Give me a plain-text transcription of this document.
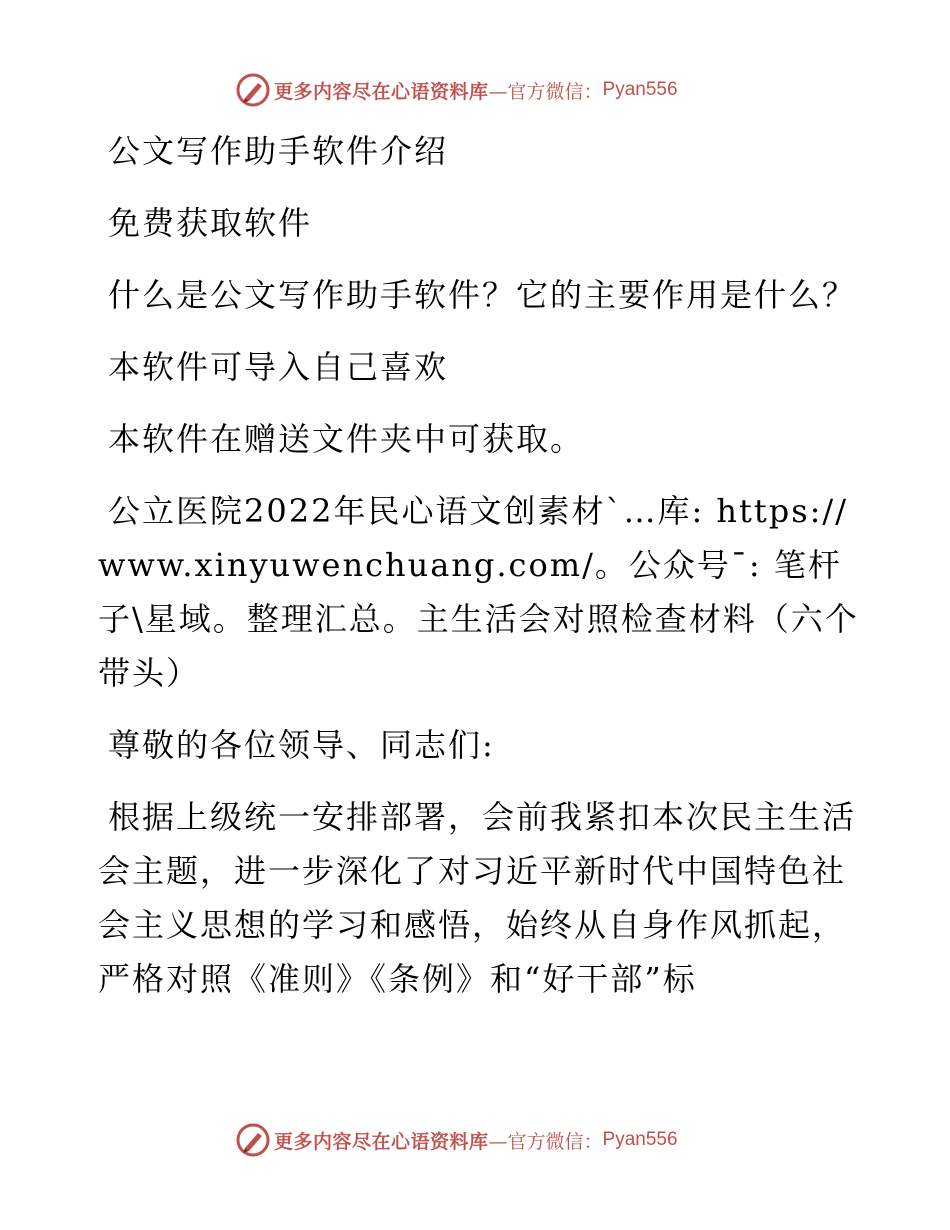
更多内容尽在心语资料库 —官方微信： Pyan556

公文写作助手软件介绍

免费获取软件

什么是公文写作助手软件？它的主要作用是什么？

本软件可导入自己喜欢

本软件在赠送文件夹中可获取。

公立医院2022年民心语文创素材`…库: https://www.xinyuwenchuang.com/。公众号¯: 笔杆子\星域。整理汇总。主生活会对照检查材料（六个带头）

尊敬的各位领导、同志们:

根据上级统一安排部署，会前我紧扣本次民主生活会主题，进一步深化了对习近平新时代中国特色社会主义思想的学习和感悟，始终从自身作风抓起，严格对照《准则》《条例》和“好干部”标

更多内容尽在心语资料库 —官方微信： Pyan556
